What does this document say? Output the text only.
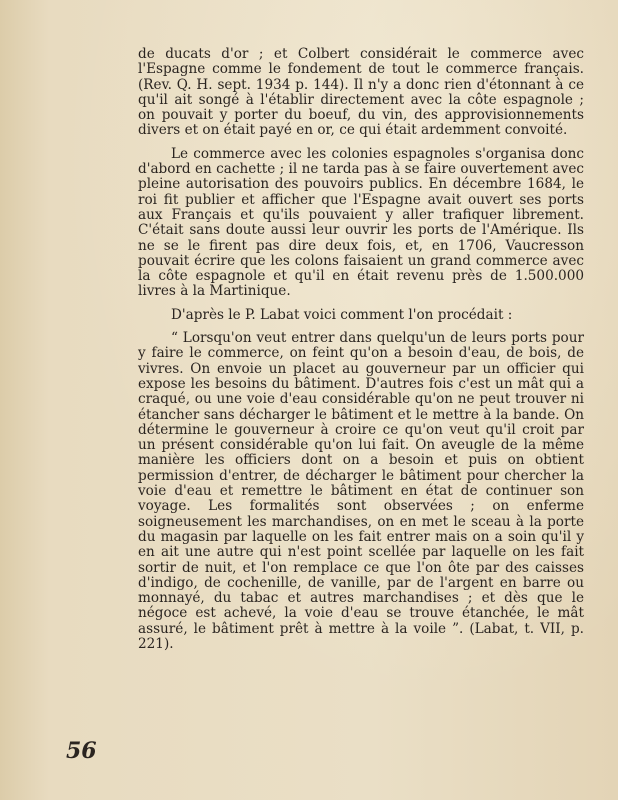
de ducats d'or ; et Colbert considérait le commerce avec l'Espagne comme le fondement de tout le commerce français. (Rev. Q. H. sept. 1934 p. 144). Il n'y a donc rien d'étonnant à ce qu'il ait songé à l'établir directement avec la côte espagnole ; on pouvait y porter du boeuf, du vin, des approvisionnements divers et on était payé en or, ce qui était ardemment convoité.

Le commerce avec les colonies espagnoles s'organisa donc d'abord en cachette ; il ne tarda pas à se faire ouvertement avec pleine autorisation des pouvoirs publics. En décembre 1684, le roi fit publier et afficher que l'Espagne avait ouvert ses ports aux Français et qu'ils pouvaient y aller trafiquer librement. C'était sans doute aussi leur ouvrir les ports de l'Amérique. Ils ne se le firent pas dire deux fois, et, en 1706, Vaucresson pouvait écrire que les colons faisaient un grand commerce avec la côte espagnole et qu'il en était revenu près de 1.500.000 livres à la Martinique.

D'après le P. Labat voici comment l'on procédait :

“ Lorsqu'on veut entrer dans quelqu'un de leurs ports pour y faire le commerce, on feint qu'on a besoin d'eau, de bois, de vivres. On envoie un placet au gouverneur par un officier qui expose les besoins du bâtiment. D'autres fois c'est un mât qui a craqué, ou une voie d'eau considérable qu'on ne peut trouver ni étancher sans décharger le bâtiment et le mettre à la bande. On détermine le gouverneur à croire ce qu'on veut qu'il croit par un présent considérable qu'on lui fait. On aveugle de la même manière les officiers dont on a besoin et puis on obtient permission d'entrer, de décharger le bâtiment pour chercher la voie d'eau et remettre le bâtiment en état de continuer son voyage. Les formalités sont observées ; on enferme soigneusement les marchandises, on en met le sceau à la porte du magasin par laquelle on les fait entrer mais on a soin qu'il y en ait une autre qui n'est point scellée par laquelle on les fait sortir de nuit, et l'on remplace ce que l'on ôte par des caisses d'indigo, de cochenille, de vanille, par de l'argent en barre ou monnayé, du tabac et autres marchandises ; et dès que le négoce est achevé, la voie d'eau se trouve étanchée, le mât assuré, le bâtiment prêt à mettre à la voile ”. (Labat, t. VII, p. 221).

56
